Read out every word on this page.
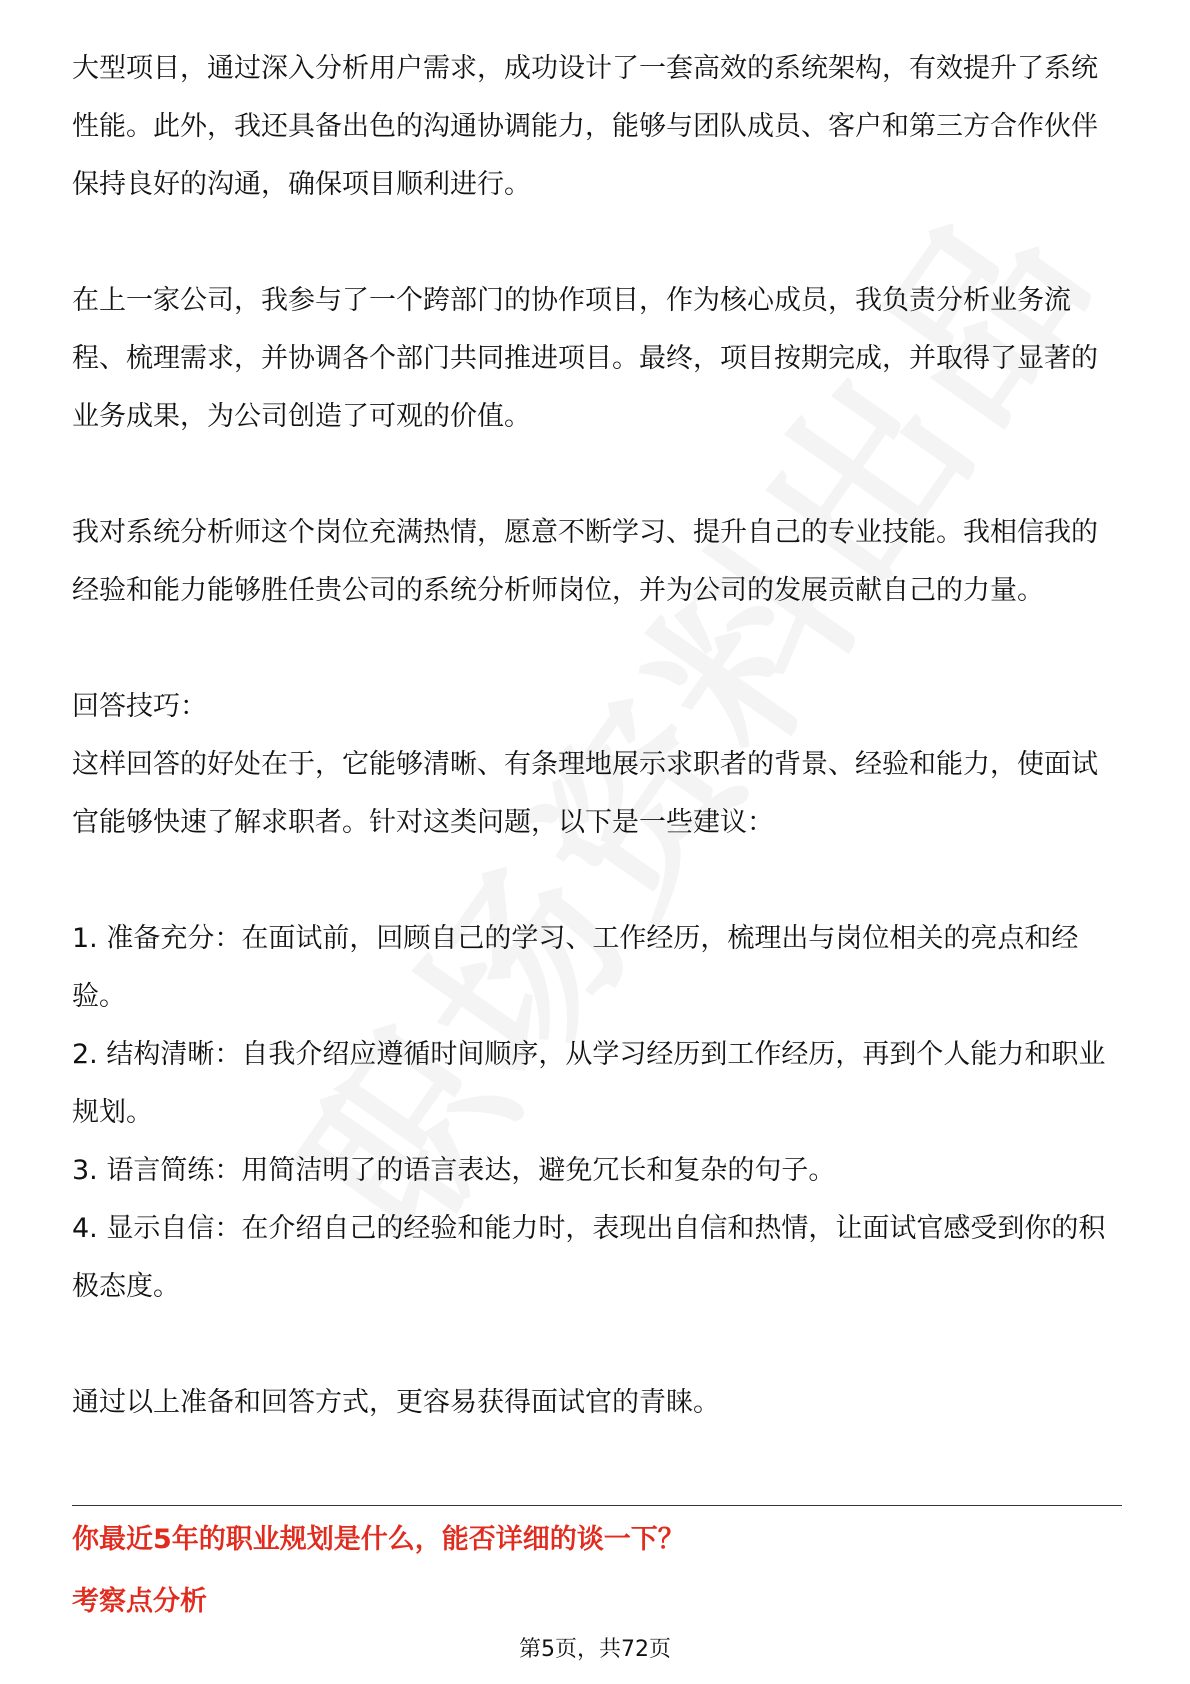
大型项目，通过深入分析用户需求，成功设计了一套高效的系统架构，有效提升了系统性能。此外，我还具备出色的沟通协调能力，能够与团队成员、客户和第三方合作伙伴保持良好的沟通，确保项目顺利进行。

在上一家公司，我参与了一个跨部门的协作项目，作为核心成员，我负责分析业务流程、梳理需求，并协调各个部门共同推进项目。最终，项目按期完成，并取得了显著的业务成果，为公司创造了可观的价值。

我对系统分析师这个岗位充满热情，愿意不断学习、提升自己的专业技能。我相信我的经验和能力能够胜任贵公司的系统分析师岗位，并为公司的发展贡献自己的力量。

回答技巧：

这样回答的好处在于，它能够清晰、有条理地展示求职者的背景、经验和能力，使面试官能够快速了解求职者。针对这类问题，以下是一些建议：

1. 准备充分：在面试前，回顾自己的学习、工作经历，梳理出与岗位相关的亮点和经验。
2. 结构清晰：自我介绍应遵循时间顺序，从学习经历到工作经历，再到个人能力和职业规划。
3. 语言简练：用简洁明了的语言表达，避免冗长和复杂的句子。
4. 显示自信：在介绍自己的经验和能力时，表现出自信和热情，让面试官感受到你的积极态度。

通过以上准备和回答方式，更容易获得面试官的青睐。

你最近5年的职业规划是什么，能否详细的谈一下？
考察点分析
第5页，共72页
